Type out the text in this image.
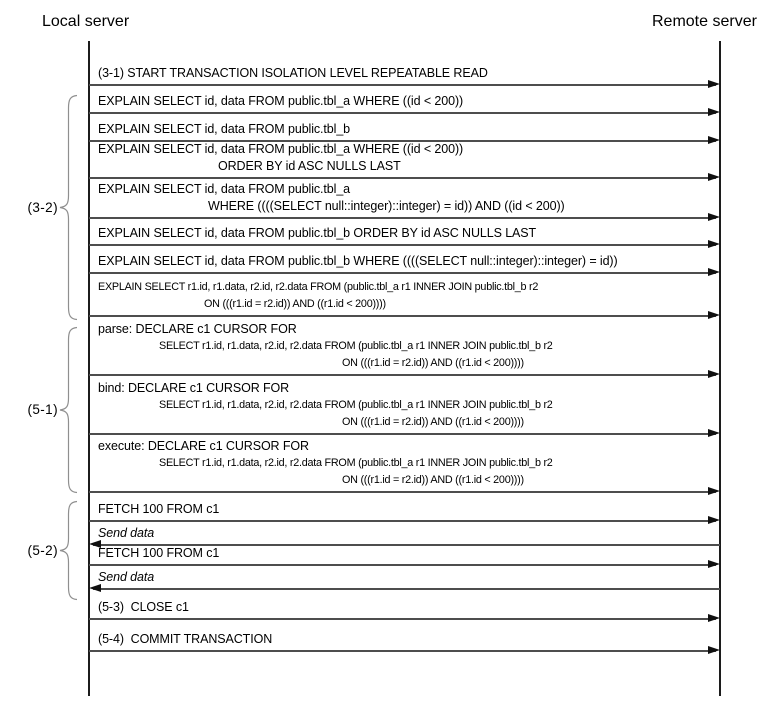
Local server	Remote server
(3-2)
(5-1)
(5-2)
(3-1) START TRANSACTION ISOLATION LEVEL REPEATABLE READ
EXPLAIN SELECT id, data FROM public.tbl_a WHERE ((id < 200))
EXPLAIN SELECT id, data FROM public.tbl_b
EXPLAIN SELECT id, data FROM public.tbl_a WHERE ((id < 200))
ORDER BY id ASC NULLS LAST
EXPLAIN SELECT id, data FROM public.tbl_a
WHERE ((((SELECT null::integer)::integer) = id)) AND ((id < 200))
EXPLAIN SELECT id, data FROM public.tbl_b ORDER BY id ASC NULLS LAST
EXPLAIN SELECT id, data FROM public.tbl_b WHERE ((((SELECT null::integer)::integer) = id))
EXPLAIN SELECT r1.id, r1.data, r2.id, r2.data FROM (public.tbl_a r1 INNER JOIN public.tbl_b r2
ON (((r1.id = r2.id)) AND ((r1.id < 200))))
parse: DECLARE c1 CURSOR FOR
SELECT r1.id, r1.data, r2.id, r2.data FROM (public.tbl_a r1 INNER JOIN public.tbl_b r2
ON (((r1.id = r2.id)) AND ((r1.id < 200))))
bind: DECLARE c1 CURSOR FOR
SELECT r1.id, r1.data, r2.id, r2.data FROM (public.tbl_a r1 INNER JOIN public.tbl_b r2
ON (((r1.id = r2.id)) AND ((r1.id < 200))))
execute: DECLARE c1 CURSOR FOR
SELECT r1.id, r1.data, r2.id, r2.data FROM (public.tbl_a r1 INNER JOIN public.tbl_b r2
ON (((r1.id = r2.id)) AND ((r1.id < 200))))
FETCH 100 FROM c1
Send data
FETCH 100 FROM c1
Send data
(5-3)  CLOSE c1
(5-4)  COMMIT TRANSACTION
